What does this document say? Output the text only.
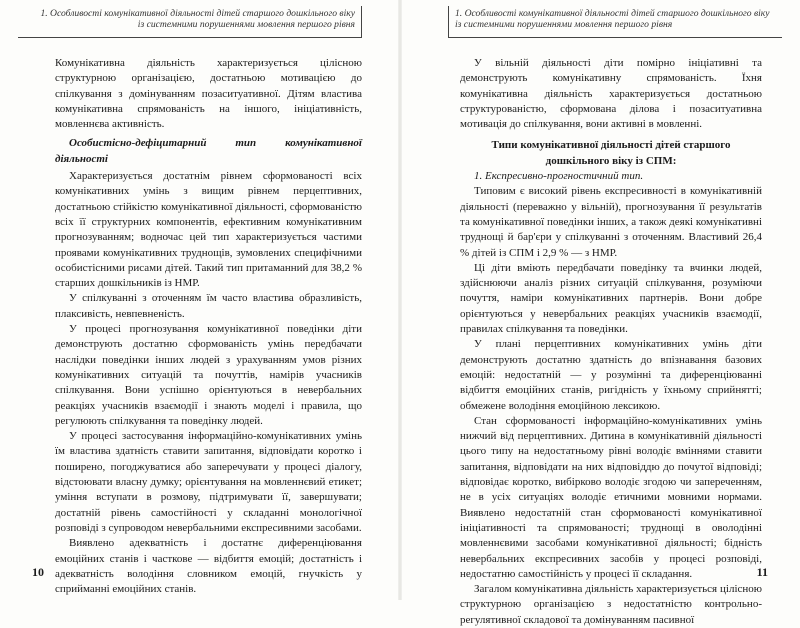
1. Особливості комунікативної діяльності дітей старшого дошкільного віку
із системними порушеннями мовлення першого рівня

Комунікативна діяльність характеризується цілісною структурною організацією, достатньою мотивацією до спілкування з домінуванням позаситуативної. Дітям властива комунікативна спрямованість на іншого, ініціативність, мовленнєва активність.

Особистісно-дефіцитарний тип комунікативної діяльності

Характеризується достатнім рівнем сформованості всіх комунікативних умінь з вищим рівнем перцептивних, достатньою стійкістю комунікативної діяльності, сформованістю всіх її структурних компонентів, ефективним комунікативним прогнозуванням; водночас цей тип характеризується частими проявами комунікативних труднощів, зумовлених специфічними особистісними рисами дітей. Такий тип притаманний для 38,2 % старших дошкільників із НМР.

У спілкуванні з оточенням їм часто властива образливість, плаксивість, невпевненість.

У процесі прогнозування комунікативної поведінки діти демонструють достатню сформованість умінь передбачати наслідки поведінки інших людей з урахуванням умов різних комунікативних ситуацій та почуттів, намірів учасників спілкування. Вони успішно орієнтуються в невербальних реакціях учасників взаємодії і знають моделі і правила, що регулюють спілкування та поведінку людей.

У процесі застосування інформаційно-комунікативних умінь їм властива здатність ставити запитання, відповідати коротко і поширено, погоджуватися або заперечувати у процесі діалогу, відстоювати власну думку; орієнтування на мовленнєвий етикет; уміння вступати в розмову, підтримувати її, завершувати; достатній рівень самостійності у складанні монологічної розповіді з супроводом невербальними експресивними засобами.

Виявлено адекватність і достатнє диференціювання емоційних станів і часткове — відбиття емоцій; достатність і адекватність володіння словником емоцій, гнучкість у сприйманні емоційних станів.

10
1. Особливості комунікативної діяльності дітей старшого дошкільного віку
із системними порушеннями мовлення першого рівня

У вільній діяльності діти помірно ініціативні та демонструють комунікативну спрямованість. Їхня комунікативна діяльність характеризується достатньою структурованістю, сформована ділова і позаситуативна мотивація до спілкування, вони активні в мовленні.

Типи комунікативної діяльності дітей старшого дошкільного віку із СПМ:

1. Експресивно-прогностичний тип.

Типовим є високий рівень експресивності в комунікативній діяльності (переважно у вільній), прогнозування її результатів та комунікативної поведінки інших, а також деякі комунікативні труднощі й бар'єри у спілкуванні з оточенням. Властивий 26,4 % дітей із СПМ і 2,9 % — з НМР.

Ці діти вміють передбачати поведінку та вчинки людей, здійснюючи аналіз різних ситуацій спілкування, розуміючи почуття, наміри комунікативних партнерів. Вони добре орієнтуються у невербальних реакціях учасників взаємодії, правилах спілкування та поведінки.

У плані перцептивних комунікативних умінь діти демонструють достатню здатність до впізнавання базових емоцій: недостатній — у розумінні та диференціюванні відбиття емоційних станів, ригідність у їхньому сприйнятті; обмежене володіння емоційною лексикою.

Стан сформованості інформаційно-комунікативних умінь нижчий від перцептивних. Дитина в комунікативній діяльності цього типу на недостатньому рівні володіє вміннями ставити запитання, відповідати на них відповіддю до почутої відповіді; відповідає коротко, вибірково володіє згодою чи запереченням, не в усіх ситуаціях володіє етичними мовними нормами. Виявлено недостатній стан сформованості комунікативної ініціативності та спрямованості; труднощі в оволодінні мовленнєвими засобами комунікативної діяльності; бідність невербальних експресивних засобів у процесі розповіді, недостатню самостійність у процесі її складання.

Загалом комунікативна діяльність характеризується цілісною структурною організацією з недостатністю контрольно-регулятивної складової та домінуванням пасивної

11
